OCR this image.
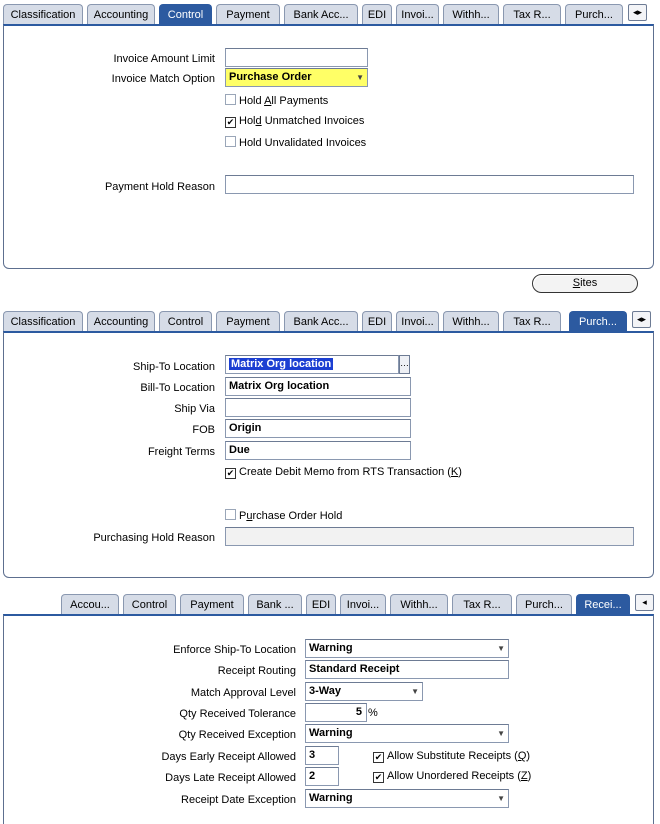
Classification	Accounting	Control	Payment	Bank Acc...	EDI	Invoi...	Withh...	Tax R...	Purch...	◂▸
Invoice Amount Limit
Invoice Match Option	Purchase Order	▼
Hold All Payments
✔ Hold Unmatched Invoices
Hold Unvalidated Invoices
Payment Hold Reason
Sites
Classification	Accounting	Control	Payment	Bank Acc...	EDI	Invoi...	Withh...	Tax R...	Purch...	◂▸
Ship-To Location	Matrix Org location	…
Bill-To Location	Matrix Org location
Ship Via
FOB	Origin
Freight Terms	Due
✔ Create Debit Memo from RTS Transaction (K)
Purchase Order Hold
Purchasing Hold Reason
Accou...	Control	Payment	Bank ...	EDI	Invoi...	Withh...	Tax R...	Purch...	Recei...	◂
Enforce Ship-To Location	Warning	▼
Receipt Routing	Standard Receipt
Match Approval Level	3-Way	▼
Qty Received Tolerance	5 %
Qty Received Exception	Warning	▼
Days Early Receipt Allowed	3	✔ Allow Substitute Receipts (Q)
Days Late Receipt Allowed	2	✔ Allow Unordered Receipts (Z)
Receipt Date Exception	Warning	▼
